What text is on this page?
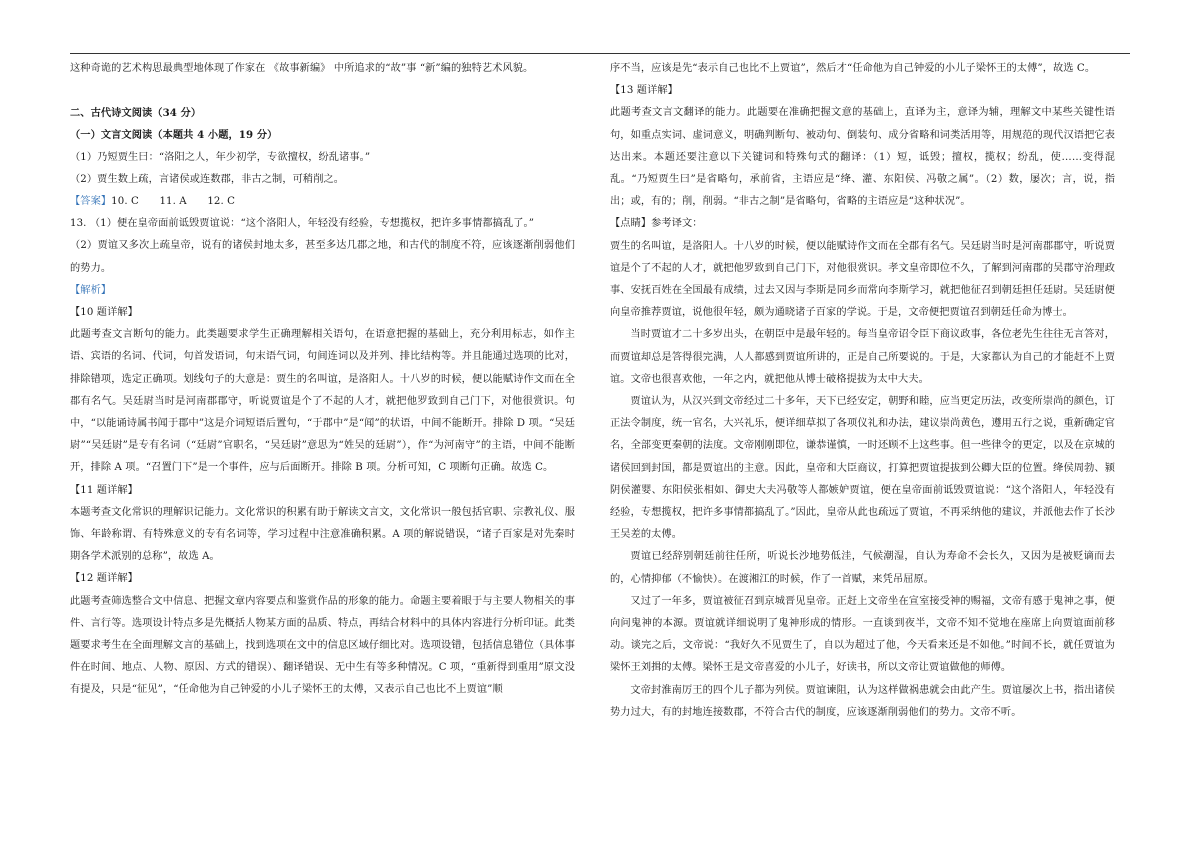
这种奇诡的艺术构思最典型地体现了作家在 《故事新编》 中所追求的“故”事 “新”编的独特艺术风貌。

二、古代诗文阅读（34 分）

（一）文言文阅读（本题共 4 小题，19 分）

（1）乃短贾生曰：“洛阳之人，年少初学，专欲擅权，纷乱诸事。”

（2）贾生数上疏，言诸侯或连数郡，非古之制，可稍削之。

【答案】10. C　　11. A　　12. C

13. （1）便在皇帝面前诋毁贾谊说：“这个洛阳人，年轻没有经验，专想揽权，把许多事情都搞乱了。”

（2）贾谊又多次上疏皇帝，说有的诸侯封地太多，甚至多达几郡之地，和古代的制度不符，应该逐渐削弱他们的势力。

【解析】

【10 题详解】

此题考查文言断句的能力。此类题要求学生正确理解相关语句，在语意把握的基础上，充分利用标志，如作主语、宾语的名词、代词，句首发语词，句末语气词，句间连词以及并列、排比结构等。并且能通过选项的比对，排除错项，选定正确项。划线句子的大意是：贾生的名叫谊，是洛阳人。十八岁的时候，便以能赋诗作文而在全郡有名气。吴廷尉当时是河南郡郡守，听说贾谊是个了不起的人才，就把他罗致到自己门下，对他很赏识。句中，“以能诵诗属书闻于郡中”这是介词短语后置句，“于郡中”是“闻”的状语，中间不能断开。排除 D 项。“吴廷尉”“吴廷尉”是专有名词（“廷尉”官职名，“吴廷尉”意思为“姓吴的廷尉”），作“为河南守”的主语，中间不能断开，排除 A 项。“召置门下”是一个事件，应与后面断开。排除 B 项。分析可知，C 项断句正确。故选 C。

【11 题详解】

本题考查文化常识的理解识记能力。文化常识的积累有助于解读文言文，文化常识一般包括官职、宗教礼仪、服饰、年龄称谓、有特殊意义的专有名词等，学习过程中注意准确积累。A 项的解说错误，“诸子百家是对先秦时期各学术派别的总称”，故选 A。

【12 题详解】

此题考查筛选整合文中信息、把握文章内容要点和鉴赏作品的形象的能力。命题主要着眼于与主要人物相关的事件、言行等。选项设计特点多是先概括人物某方面的品质、特点，再结合材料中的具体内容进行分析印证。此类题要求考生在全面理解文言的基础上，找到选项在文中的信息区域仔细比对。选项设错，包括信息错位（具体事件在时间、地点、人物、原因、方式的错误）、翻译错误、无中生有等多种情况。C 项，“重新得到重用”原文没有提及，只是“征见”，“任命他为自己钟爱的小儿子梁怀王的太傅，又表示自己也比不上贾谊”顺

序不当，应该是先“表示自己也比不上贾谊”，然后才“任命他为自己钟爱的小儿子梁怀王的太傅”，故选 C。

【13 题详解】

此题考查文言文翻译的能力。此题要在准确把握文意的基础上，直译为主，意译为辅，理解文中某些关键性语句，如重点实词、虚词意义，明确判断句、被动句、倒装句、成分省略和词类活用等，用规范的现代汉语把它表达出来。本题还要注意以下关键词和特殊句式的翻译：（1）短，诋毁；擅权，揽权；纷乱，使……变得混乱。“乃短贾生曰”是省略句，承前省，主语应是“绛、灌、东阳侯、冯敬之属”。（2）数，屡次；言，说，指出；或，有的；削，削弱。“非古之制”是省略句，省略的主语应是“这种状况”。

【点睛】参考译文：

贾生的名叫谊，是洛阳人。十八岁的时候，便以能赋诗作文而在全郡有名气。吴廷尉当时是河南郡郡守，听说贾谊是个了不起的人才，就把他罗致到自己门下，对他很赏识。孝文皇帝即位不久，了解到河南郡的吴郡守治理政事、安抚百姓在全国最有成绩，过去又因与李斯是同乡而常向李斯学习，就把他征召到朝廷担任廷尉。吴廷尉便向皇帝推荐贾谊，说他很年轻，颇为通晓诸子百家的学说。于是，文帝便把贾谊召到朝廷任命为博士。

当时贾谊才二十多岁出头，在朝臣中是最年轻的。每当皇帝诏令臣下商议政事，各位老先生往往无言答对，而贾谊却总是答得很完满，人人都感到贾谊所讲的，正是自己所要说的。于是，大家都认为自己的才能赶不上贾谊。文帝也很喜欢他，一年之内，就把他从博士破格提拔为太中大夫。

贾谊认为，从汉兴到文帝经过二十多年，天下已经安定，朝野和睦，应当更定历法，改变所崇尚的颜色，订正法令制度，统一官名，大兴礼乐，便详细草拟了各项仪礼和办法，建议崇尚黄色，遵用五行之说，重新确定官名，全部变更秦朝的法度。文帝刚刚即位，谦恭谨慎，一时还顾不上这些事。但一些律令的更定，以及在京城的诸侯回到封国，都是贾谊出的主意。因此，皇帝和大臣商议，打算把贾谊提拔到公卿大臣的位置。绛侯周勃、颍阴侯灌婴、东阳侯张相如、御史大夫冯敬等人都嫉妒贾谊，便在皇帝面前诋毁贾谊说：“这个洛阳人，年轻没有经验，专想揽权，把许多事情都搞乱了。”因此，皇帝从此也疏远了贾谊，不再采纳他的建议，并派他去作了长沙王吴差的太傅。

贾谊已经辞别朝廷前往任所，听说长沙地势低洼，气候潮湿，自认为寿命不会长久，又因为是被贬谪而去的，心情抑郁（不愉快）。在渡湘江的时候，作了一首赋，来凭吊屈原。

又过了一年多，贾谊被征召到京城晋见皇帝。正赶上文帝坐在宣室接受神的赐福，文帝有感于鬼神之事，便向问鬼神的本源。贾谊就详细说明了鬼神形成的情形。一直谈到夜半，文帝不知不觉地在座席上向贾谊面前移动。谈完之后，文帝说：“我好久不见贾生了，自以为超过了他，今天看来还是不如他。”时间不长，就任贾谊为梁怀王刘揖的太傅。梁怀王是文帝喜爱的小儿子，好读书，所以文帝让贾谊做他的师傅。

文帝封淮南厉王的四个儿子都为列侯。贾谊谏阻，认为这样做祸患就会由此产生。贾谊屡次上书，指出诸侯势力过大，有的封地连接数郡，不符合古代的制度，应该逐渐削弱他们的势力。文帝不听。
